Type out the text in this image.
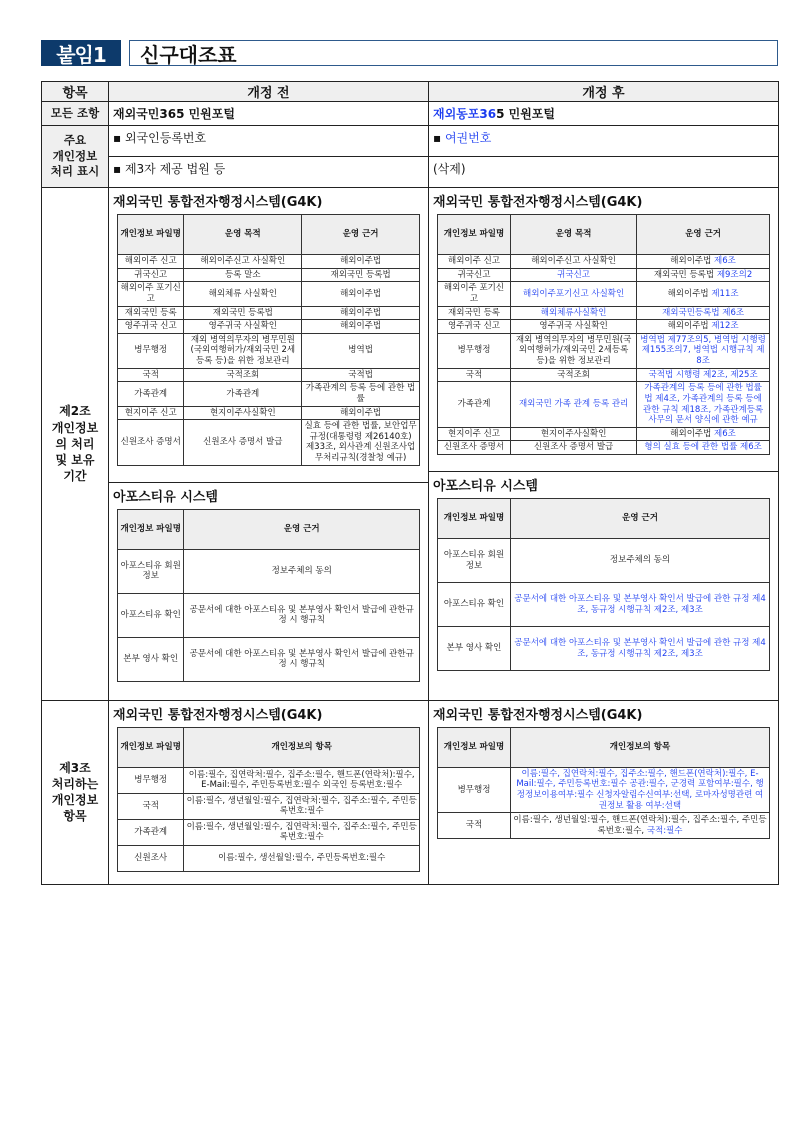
붙임1	신구대조표
항목	개정 전	개정 후
모든 조항	재외국민365 민원포털	재외동포365 민원포털

주요
개인정보
처리 표시
	▪ 외국인등록번호	▪ 여권번호
▪ 제3자 제공 법원 등	(삭제)

제2조
개인정보
의 처리
및 보유
기간

재외국민 통합전자행정시스템(G4K)
개인정보 파일명	운영 목적	운영 근거
해외이주 신고	해외이주신고 사실확인	해외이주법
귀국신고	등록 말소	재외국민 등록법
해외이주 포기신고	해외체류 사실확인	해외이주법
재외국민 등록	재외국민 등록법	해외이주법
영주귀국 신고	영주귀국 사실확인	해외이주법
병무행정	재외 병역의무자의 병무민원(국외여행허가/재외국민 2세등록 등)을 위한 정보관리	병역법
국적	국적조회	국적법
가족관계	가족관계	가족관계의 등록 등에 관한 법률
현지이주 신고	현지이주사실확인	해외이주법
신원조사 증명서	신원조사 증명서 발급	실효 등에 관한 법률, 보안업무규정(대통령령 제26140호) 제33조, 외사관계 신원조사업무처리규칙(경찰청 예규)
아포스티유 시스템
개인정보 파일명	운영 근거
아포스티유 회원정보	정보주체의 동의
아포스티유 확인	공문서에 대한 아포스티유 및 본부영사 확인서 발급에 관한규정 시 행규칙
본부 영사 확인	공문서에 대한 아포스티유 및 본부영사 확인서 발급에 관한규정 시 행규칙

재외국민 통합전자행정시스템(G4K)
개인정보 파일명	운영 목적	운영 근거
해외이주 신고	해외이주신고 사실확인	해외이주법 제6조
귀국신고	귀국신고	재외국민 등록법 제9조의2
해외이주 포기신고	해외이주포기신고 사실확인	해외이주법 제11조
재외국민 등록	해외체류사실확인	재외국민등록법 제6조
영주귀국 신고	영주귀국 사실확인	해외이주법 제12조
병무행정	재외 병역의무자의 병무민원(국외여행허가/재외국민 2세등록 등)을 위한 정보관리	병역법 제77조의5, 병역법 시행령 제155조의7, 병역법 시행규칙 제8조
국적	국적조회	국적법 시행령 제2조, 제25조
가족관계	재외국민 가족 관계 등록 관리	가족관계의 등록 등에 관한 법률 법 제4조, 가족관계의 등록 등에 관한 규칙 제18조, 가족관계등록사무의 문서 양식에 관한 예규
현지이주 신고	현지이주사실확인	해외이주법 제6조
신원조사 증명서	신원조사 증명서 발급	형의 실효 등에 관한 법률 제6조
아포스티유 시스템
개인정보 파일명	운영 근거
아포스티유 회원정보	정보주체의 동의
아포스티유 확인	공문서에 대한 아포스티유 및 본부영사 확인서 발급에 관한 규정 제4조, 동규정 시행규칙 제2조, 제3조
본부 영사 확인	공문서에 대한 아포스티유 및 본부영사 확인서 발급에 관한 규정 제4조, 동규정 시행규칙 제2조, 제3조

제3조
처리하는
개인정보
항목

재외국민 통합전자행정시스템(G4K)
개인정보 파일명	개인정보의 항목
병무행정	이름:필수, 집연락처:필수, 집주소:필수, 핸드폰(연락처):필수, E-Mail:필수, 주민등록번호:필수 외국인 등록번호:필수
국적	이름:필수, 생년월일:필수, 집연락처:필수, 집주소:필수, 주민등록번호:필수
가족관계	이름:필수, 생년월일:필수, 집연락처:필수, 집주소:필수, 주민등록번호:필수
신원조사	이름:필수, 생선월일:필수, 주민등록번호:필수

재외국민 통합전자행정시스템(G4K)
개인정보 파일명	개인정보의 항목
병무행정	이름:필수, 집연락처:필수, 집주소:필수, 핸드폰(연락처):필수, E-Mail:필수, 주민등록번호:필수 공관:필수, 군경력 포함여부:필수, 행정정보이용여부:필수 신청자알림수신여부:선택, 로마자성명관련 여권정보 활용 여부:선택
국적	이름:필수, 생년월일:필수, 핸드폰(연락처):필수, 집주소:필수, 주민등록번호:필수, 국적:필수
